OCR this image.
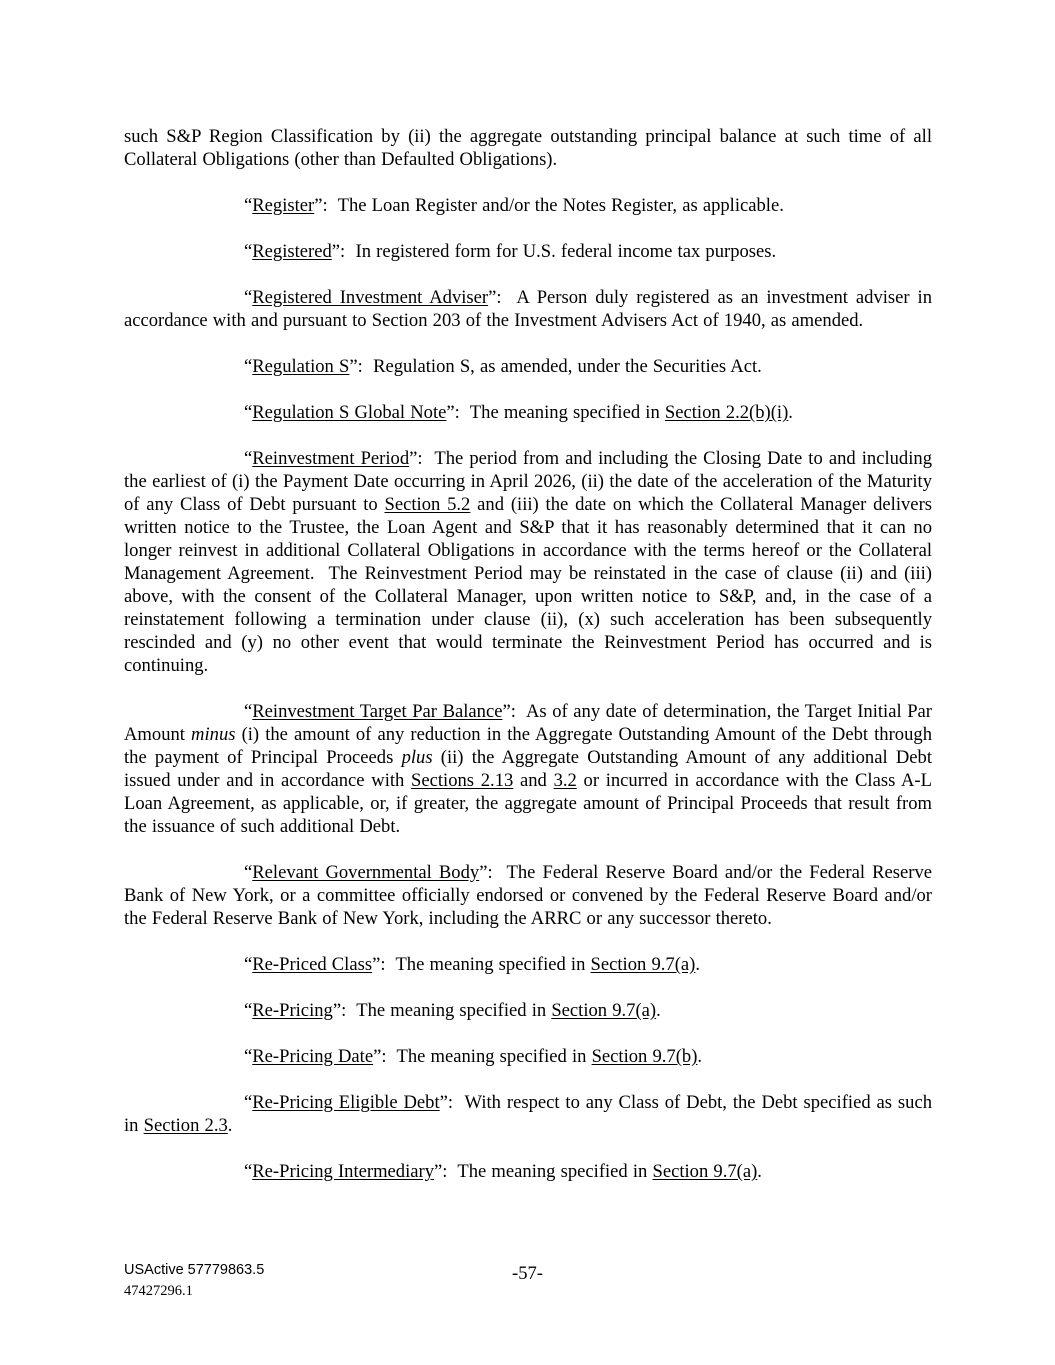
such S&P Region Classification by (ii) the aggregate outstanding principal balance at such time of all Collateral Obligations (other than Defaulted Obligations).

“Register”:  The Loan Register and/or the Notes Register, as applicable.

“Registered”:  In registered form for U.S. federal income tax purposes.

“Registered Investment Adviser”:  A Person duly registered as an investment adviser in accordance with and pursuant to Section 203 of the Investment Advisers Act of 1940, as amended.

“Regulation S”:  Regulation S, as amended, under the Securities Act.

“Regulation S Global Note”:  The meaning specified in Section 2.2(b)(i).

“Reinvestment Period”:  The period from and including the Closing Date to and including the earliest of (i) the Payment Date occurring in April 2026, (ii) the date of the acceleration of the Maturity of any Class of Debt pursuant to Section 5.2 and (iii) the date on which the Collateral Manager delivers written notice to the Trustee, the Loan Agent and S&P that it has reasonably determined that it can no longer reinvest in additional Collateral Obligations in accordance with the terms hereof or the Collateral Management Agreement.  The Reinvestment Period may be reinstated in the case of clause (ii) and (iii) above, with the consent of the Collateral Manager, upon written notice to S&P, and, in the case of a reinstatement following a termination under clause (ii), (x) such acceleration has been subsequently rescinded and (y) no other event that would terminate the Reinvestment Period has occurred and is continuing.

“Reinvestment Target Par Balance”:  As of any date of determination, the Target Initial Par Amount minus (i) the amount of any reduction in the Aggregate Outstanding Amount of the Debt through the payment of Principal Proceeds plus (ii) the Aggregate Outstanding Amount of any additional Debt issued under and in accordance with Sections 2.13 and 3.2 or incurred in accordance with the Class A-L Loan Agreement, as applicable, or, if greater, the aggregate amount of Principal Proceeds that result from the issuance of such additional Debt.

“Relevant Governmental Body”:  The Federal Reserve Board and/or the Federal Reserve Bank of New York, or a committee officially endorsed or convened by the Federal Reserve Board and/or the Federal Reserve Bank of New York, including the ARRC or any successor thereto.

“Re-Priced Class”:  The meaning specified in Section 9.7(a).

“Re-Pricing”:  The meaning specified in Section 9.7(a).

“Re-Pricing Date”:  The meaning specified in Section 9.7(b).

“Re-Pricing Eligible Debt”:  With respect to any Class of Debt, the Debt specified as such in Section 2.3.

“Re-Pricing Intermediary”:  The meaning specified in Section 9.7(a).

USActive 57779863.5
47427296.1
-57-
